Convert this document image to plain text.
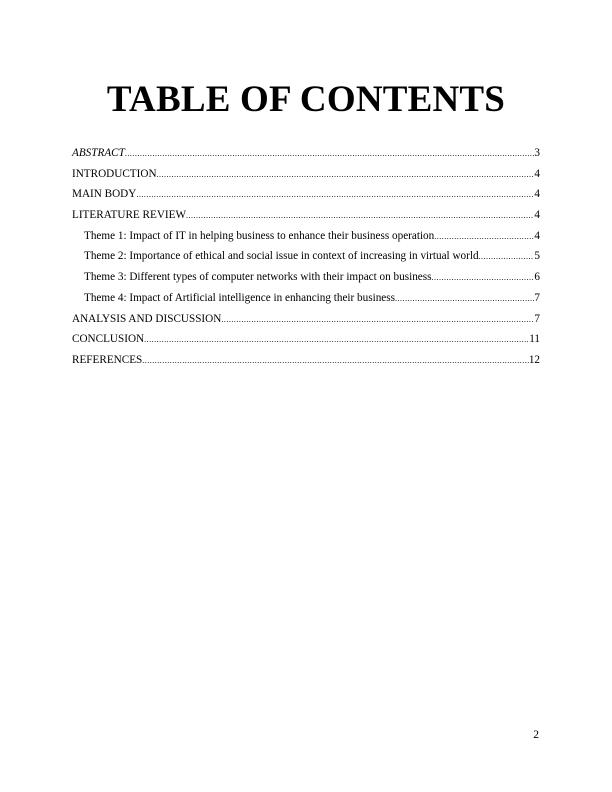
TABLE OF CONTENTS
ABSTRACT .....	3
INTRODUCTION .....	4
MAIN BODY .....	4
LITERATURE REVIEW .....	4
Theme 1: Impact of IT in helping business to enhance their business operation .....	4
Theme 2: Importance of ethical and social issue in context of increasing in virtual world .....	5
Theme 3: Different types of computer networks with their impact on business .....	6
Theme 4: Impact of Artificial intelligence in enhancing their business .....	7
ANALYSIS AND DISCUSSION .....	7
CONCLUSION .....	11
REFERENCES .....	12
2
